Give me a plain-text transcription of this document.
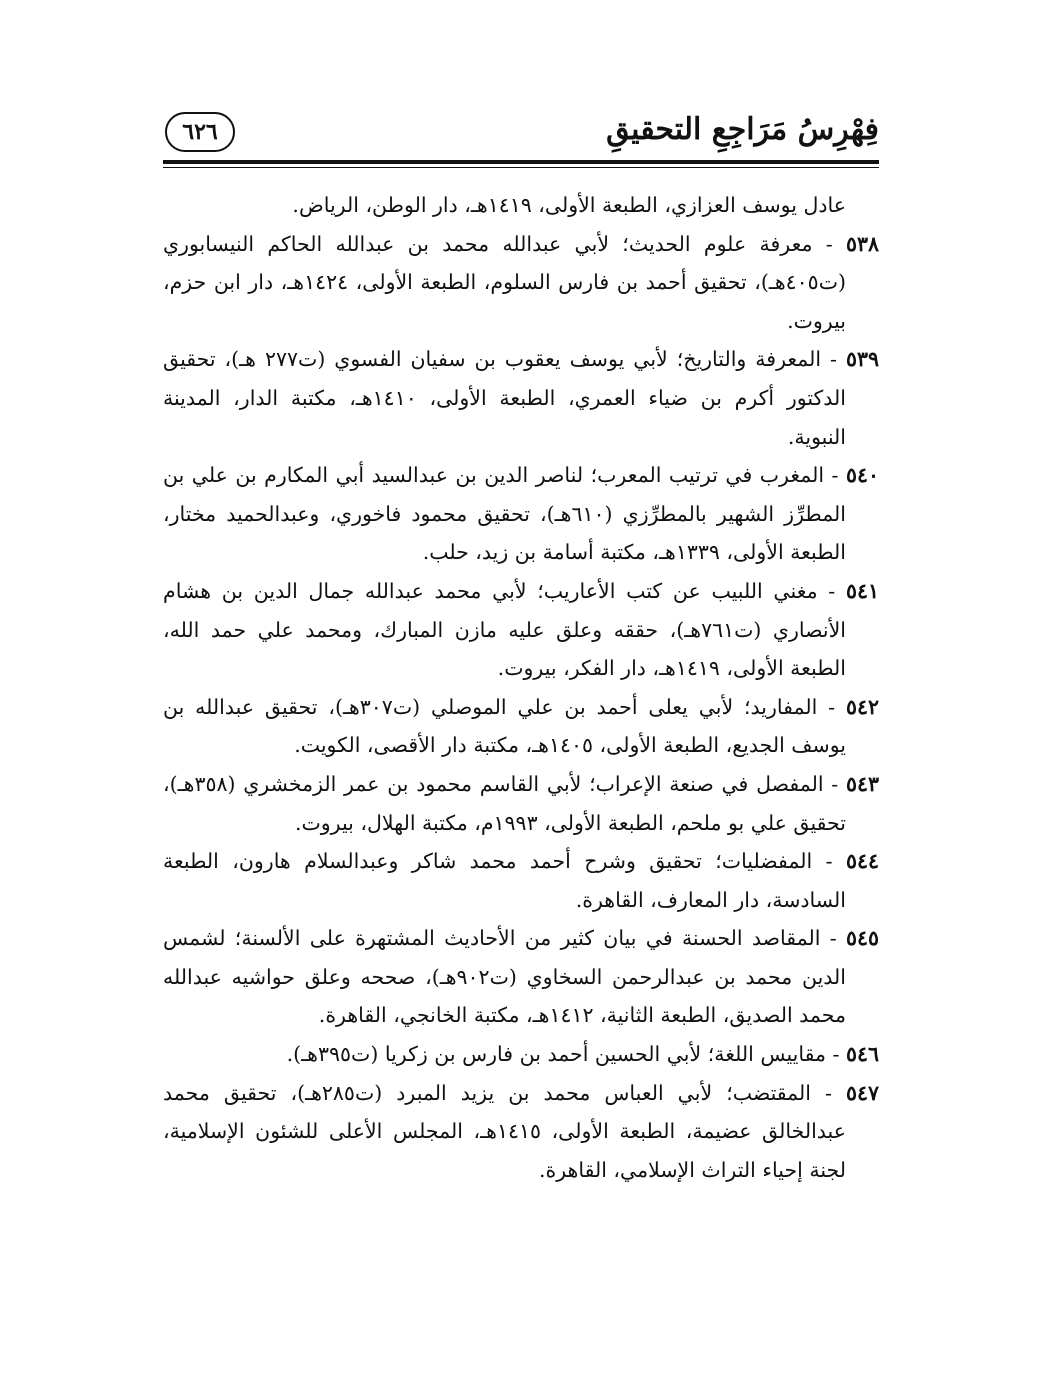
فِهْرِسُ مَرَاجِعِ التحقيقِ
٦٢٦

عادل يوسف العزازي، الطبعة الأولى، ١٤١٩هـ، دار الوطن، الرياض.

٥٣٨ - معرفة علوم الحديث؛ لأبي عبدالله محمد بن عبدالله الحاكم النيسابوري (ت٤٠٥هـ)، تحقيق أحمد بن فارس السلوم، الطبعة الأولى، ١٤٢٤هـ، دار ابن حزم، بيروت.

٥٣٩ - المعرفة والتاريخ؛ لأبي يوسف يعقوب بن سفيان الفسوي (ت٢٧٧ هـ)، تحقيق الدكتور أكرم بن ضياء العمري، الطبعة الأولى، ١٤١٠هـ، مكتبة الدار، المدينة النبوية.

٥٤٠ - المغرب في ترتيب المعرب؛ لناصر الدين بن عبدالسيد أبي المكارم بن علي بن المطرِّز الشهير بالمطرِّزي (٦١٠هـ)، تحقيق محمود فاخوري، وعبدالحميد مختار، الطبعة الأولى، ١٣٣٩هـ، مكتبة أسامة بن زيد، حلب.

٥٤١ - مغني اللبيب عن كتب الأعاريب؛ لأبي محمد عبدالله جمال الدين بن هشام الأنصاري (ت٧٦١هـ)، حققه وعلق عليه مازن المبارك، ومحمد علي حمد الله، الطبعة الأولى، ١٤١٩هـ، دار الفكر، بيروت.

٥٤٢ - المفاريد؛ لأبي يعلى أحمد بن علي الموصلي (ت٣٠٧هـ)، تحقيق عبدالله بن يوسف الجديع، الطبعة الأولى، ١٤٠٥هـ، مكتبة دار الأقصى، الكويت.

٥٤٣ - المفصل في صنعة الإعراب؛ لأبي القاسم محمود بن عمر الزمخشري (٣٥٨هـ)، تحقيق علي بو ملحم، الطبعة الأولى، ١٩٩٣م، مكتبة الهلال، بيروت.

٥٤٤ - المفضليات؛ تحقيق وشرح أحمد محمد شاكر وعبدالسلام هارون، الطبعة السادسة، دار المعارف، القاهرة.

٥٤٥ - المقاصد الحسنة في بيان كثير من الأحاديث المشتهرة على الألسنة؛ لشمس الدين محمد بن عبدالرحمن السخاوي (ت٩٠٢هـ)، صححه وعلق حواشيه عبدالله محمد الصديق، الطبعة الثانية، ١٤١٢هـ، مكتبة الخانجي، القاهرة.

٥٤٦ - مقاييس اللغة؛ لأبي الحسين أحمد بن فارس بن زكريا (ت٣٩٥هـ).

٥٤٧ - المقتضب؛ لأبي العباس محمد بن يزيد المبرد (ت٢٨٥هـ)، تحقيق محمد عبدالخالق عضيمة، الطبعة الأولى، ١٤١٥هـ، المجلس الأعلى للشئون الإسلامية، لجنة إحياء التراث الإسلامي، القاهرة.
